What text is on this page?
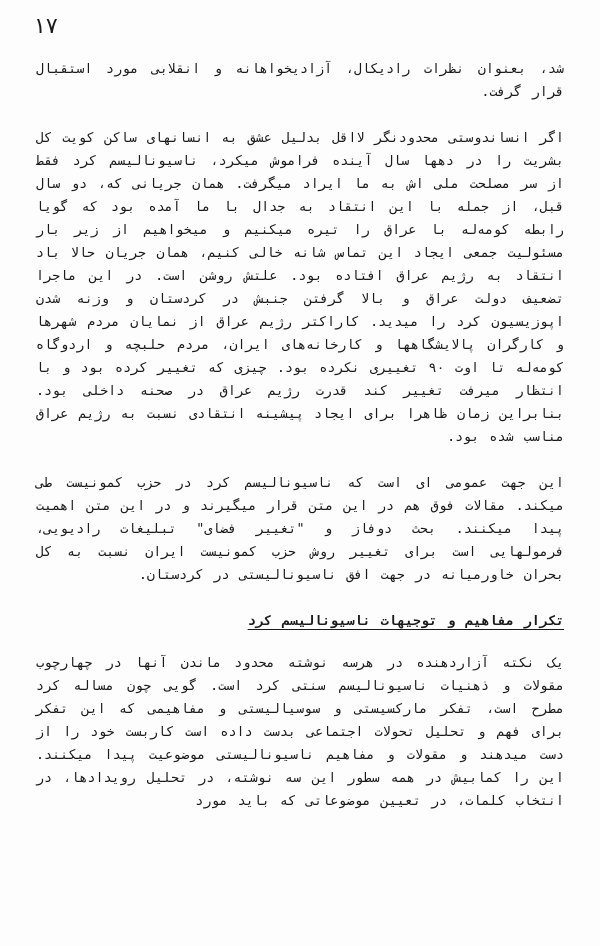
١٧

شد، بعنوان نظرات رادیکال، آزادیخواهانه و انقلابی مورد استقبال قرار گرفت.

اگر انساندوستی محدودنگر لااقل بدلیل عشق به انسانهای ساکن کویت کل بشریت را در دهها سال آینده فراموش میکرد، ناسیونالیسم کرد فقط از سر مصلحت ملی اش به ما ایراد میگرفت. همان جریانی که، دو سال قبل، از جمله با این انتقاد به جدال با ما آمده بود که گویا رابطه کومه‌له با عراق را تیره میکنیم و میخواهیم از زیر بار مسئولیت جمعی ایجاد این تماس شانه خالی کنیم، همان جریان حالا باد انتقاد به رژیم عراق افتاده بود. علتش روشن است. در این ماجرا تضعیف دولت عراق و بالا گرفتن جنبش در کردستان و وزنه شدن اپوزیسیون کرد را میدید. کاراکتر رژیم عراق از نمایان مردم شهرها و کارگران پالایشگاهها و کارخانه‌های ایران، مردم حلبچه و اردوگاه کومه‌له تا اوت ۹۰ تغییری نکرده بود. چیزی که تغییر کرده بود و با انتظار میرفت تغییر کند قدرت رژیم عراق در صحنه داخلی بود. بنابراین زمان ظاهرا برای ایجاد پیشینه انتقادی نسبت به رژیم عراق مناسب شده بود.

این جهت عمومی ای است که ناسیونالیسم کرد در حزب کمونیست طی میکند. مقالات فوق هم در این متن قرار میگیرند و در این متن اهمیت پیدا میکنند. بحث دوفاز و "تغییر فضای" تبلیغات رادیویی، فرمولهایی است برای تغییر روش حزب کمونیست ایران نسبت به کل بحران خاورمیانه در جهت افق ناسیونالیستی در کردستان.

تکرار مفاهیم و توجیهات ناسیونالیسم کرد

یک نکته آزاردهنده در هرسه نوشته محدود ماندن آنها در چهارچوب مقولات و ذهنیات ناسیونالیسم سنتی کرد است. گویی چون مساله کرد مطرح است، تفکر مارکسیستی و سوسیالیستی و مفاهیمی که این تفکر برای فهم و تحلیل تحولات اجتماعی بدست داده است کاربست خود را از دست میدهند و مقولات و مفاهیم ناسیونالیستی موضوعیت پیدا میکنند. این را کمابیش در همه سطور این سه نوشته، در تحلیل رویدادها، در انتخاب کلمات، در تعیین موضوعاتی که باید مورد
